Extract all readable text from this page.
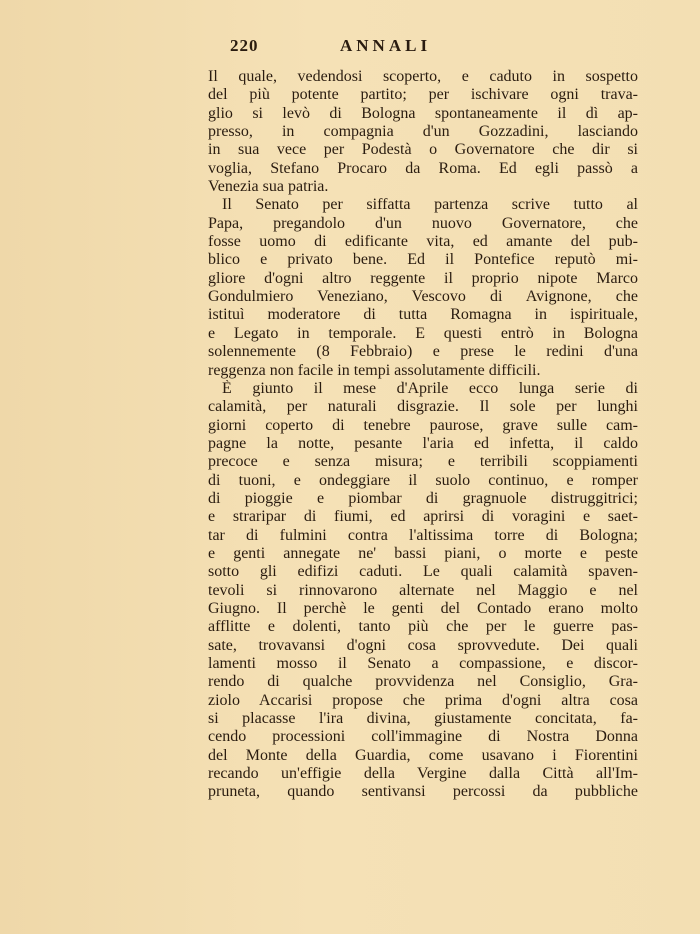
220	ANNALI
Il quale, vedendosi scoperto, e caduto in sospetto
del più potente partito; per ischivare ogni trava-
glio si levò di Bologna spontaneamente il dì ap-
presso, in compagnia d'un Gozzadini, lasciando
in sua vece per Podestà o Governatore che dir si
voglia, Stefano Procaro da Roma. Ed egli passò a
Venezia sua patria.
Il Senato per siffatta partenza scrive tutto al
Papa, pregandolo d'un nuovo Governatore, che
fosse uomo di edificante vita, ed amante del pub-
blico e privato bene. Ed il Pontefice reputò mi-
gliore d'ogni altro reggente il proprio nipote Marco
Gondulmiero Veneziano, Vescovo di Avignone, che
istituì moderatore di tutta Romagna in ispirituale,
e Legato in temporale. E questi entrò in Bologna
solennemente (8 Febbraio) e prese le redini d'una
reggenza non facile in tempi assolutamente difficili.
È giunto il mese d'Aprile ecco lunga serie di
calamità, per naturali disgrazie. Il sole per lunghi
giorni coperto di tenebre paurose, grave sulle cam-
pagne la notte, pesante l'aria ed infetta, il caldo
precoce e senza misura; e terribili scoppiamenti
di tuoni, e ondeggiare il suolo continuo, e romper
di pioggie e piombar di gragnuole distruggitrici;
e straripar di fiumi, ed aprirsi di voragini e saet-
tar di fulmini contra l'altissima torre di Bologna;
e genti annegate ne' bassi piani, o morte e peste
sotto gli edifizi caduti. Le quali calamità spaven-
tevoli si rinnovarono alternate nel Maggio e nel
Giugno. Il perchè le genti del Contado erano molto
afflitte e dolenti, tanto più che per le guerre pas-
sate, trovavansi d'ogni cosa sprovvedute. Dei quali
lamenti mosso il Senato a compassione, e discor-
rendo di qualche provvidenza nel Consiglio, Gra-
ziolo Accarisi propose che prima d'ogni altra cosa
si placasse l'ira divina, giustamente concitata, fa-
cendo processioni coll'immagine di Nostra Donna
del Monte della Guardia, come usavano i Fiorentini
recando un'effigie della Vergine dalla Città all'Im-
pruneta, quando sentivansi percossi da pubbliche
